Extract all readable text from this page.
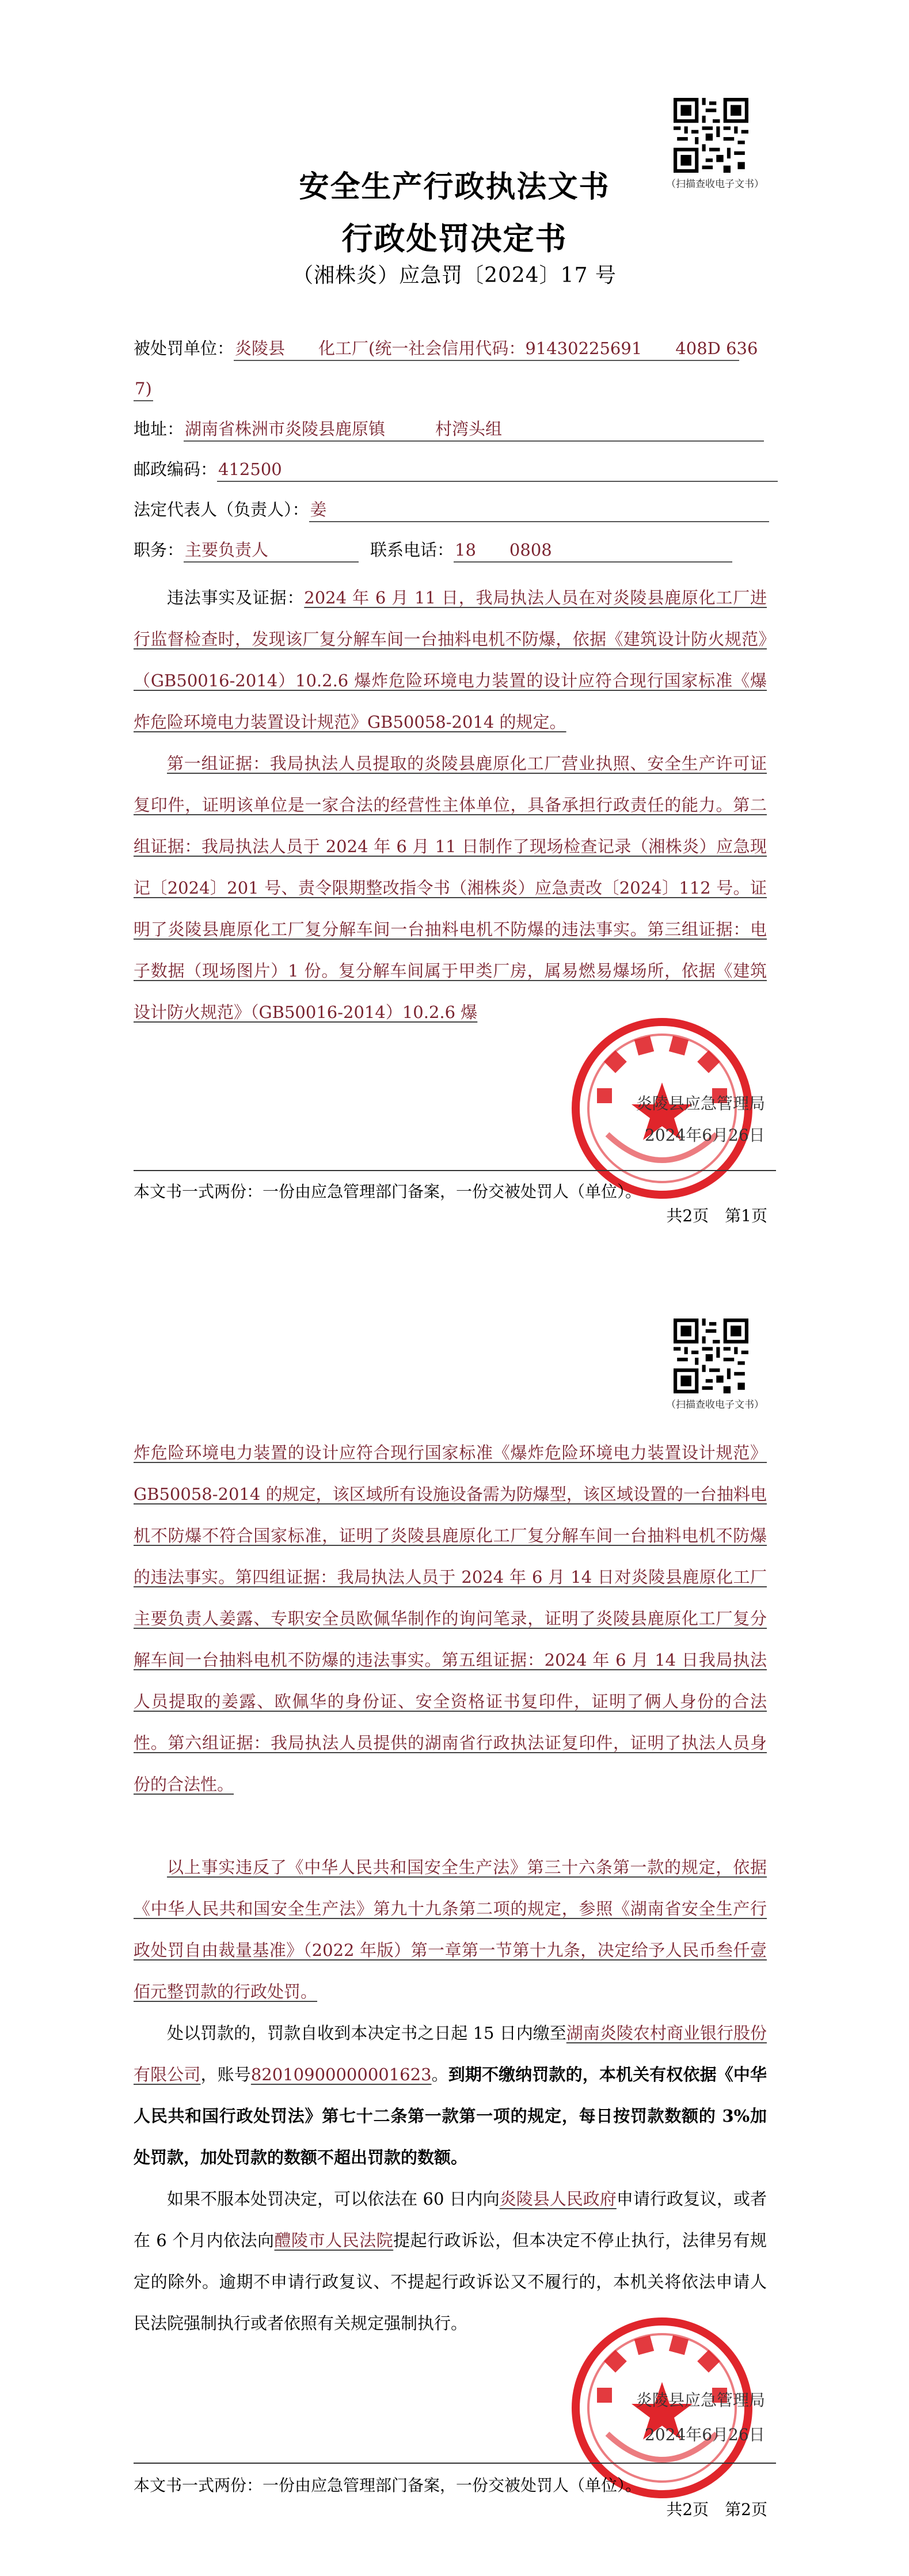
（扫描查收电子文书）
安全生产行政执法文书
行政处罚决定书
（湘株炎）应急罚〔2024〕17 号
被处罚单位：炎陵县　　化工厂(统一社会信用代码：91430225691　　408D 636
7)
地址：湖南省株洲市炎陵县鹿原镇　　　村湾头组
邮政编码：412500
法定代表人（负责人）：姜
职务：主要负责人	联系电话：18　　0808
违法事实及证据：2024 年 6 月 11 日，我局执法人员在对炎陵县鹿原化工厂进行监督检查时，发现该厂复分解车间一台抽料电机不防爆，依据《建筑设计防火规范》（GB50016-2014）10.2.6 爆炸危险环境电力装置的设计应符合现行国家标准《爆炸危险环境电力装置设计规范》GB50058-2014 的规定。
第一组证据：我局执法人员提取的炎陵县鹿原化工厂营业执照、安全生产许可证复印件，证明该单位是一家合法的经营性主体单位，具备承担行政责任的能力。第二组证据：我局执法人员于 2024 年 6 月 11 日制作了现场检查记录（湘株炎）应急现记〔2024〕201 号、责令限期整改指令书（湘株炎）应急责改〔2024〕112 号。证明了炎陵县鹿原化工厂复分解车间一台抽料电机不防爆的违法事实。第三组证据：电子数据（现场图片）1 份。复分解车间属于甲类厂房，属易燃易爆场所，依据《建筑设计防火规范》（GB50016-2014）10.2.6 爆
炎陵县应急管理局
2024年6月26日
本文书一式两份：一份由应急管理部门备案，一份交被处罚人（单位）。
共2页　第1页
（扫描查收电子文书）
炸危险环境电力装置的设计应符合现行国家标准《爆炸危险环境电力装置设计规范》GB50058-2014 的规定，该区域所有设施设备需为防爆型，该区域设置的一台抽料电机不防爆不符合国家标准，证明了炎陵县鹿原化工厂复分解车间一台抽料电机不防爆的违法事实。第四组证据：我局执法人员于 2024 年 6 月 14 日对炎陵县鹿原化工厂主要负责人姜露、专职安全员欧佩华制作的询问笔录，证明了炎陵县鹿原化工厂复分解车间一台抽料电机不防爆的违法事实。第五组证据：2024 年 6 月 14 日我局执法人员提取的姜露、欧佩华的身份证、安全资格证书复印件，证明了俩人身份的合法性。第六组证据：我局执法人员提供的湖南省行政执法证复印件，证明了执法人员身份的合法性。
以上事实违反了《中华人民共和国安全生产法》第三十六条第一款的规定，依据《中华人民共和国安全生产法》第九十九条第二项的规定，参照《湖南省安全生产行政处罚自由裁量基准》（2022 年版）第一章第一节第十九条，决定给予人民币叁仟壹佰元整罚款的行政处罚。
处以罚款的，罚款自收到本决定书之日起 15 日内缴至湖南炎陵农村商业银行股份有限公司，账号82010900000001623。到期不缴纳罚款的，本机关有权依据《中华人民共和国行政处罚法》第七十二条第一款第一项的规定，每日按罚款数额的 3%加处罚款，加处罚款的数额不超出罚款的数额。
如果不服本处罚决定，可以依法在 60 日内向炎陵县人民政府申请行政复议，或者在 6 个月内依法向醴陵市人民法院提起行政诉讼，但本决定不停止执行，法律另有规定的除外。逾期不申请行政复议、不提起行政诉讼又不履行的，本机关将依法申请人民法院强制执行或者依照有关规定强制执行。
炎陵县应急管理局
2024年6月26日
本文书一式两份：一份由应急管理部门备案，一份交被处罚人（单位）。
共2页　第2页
